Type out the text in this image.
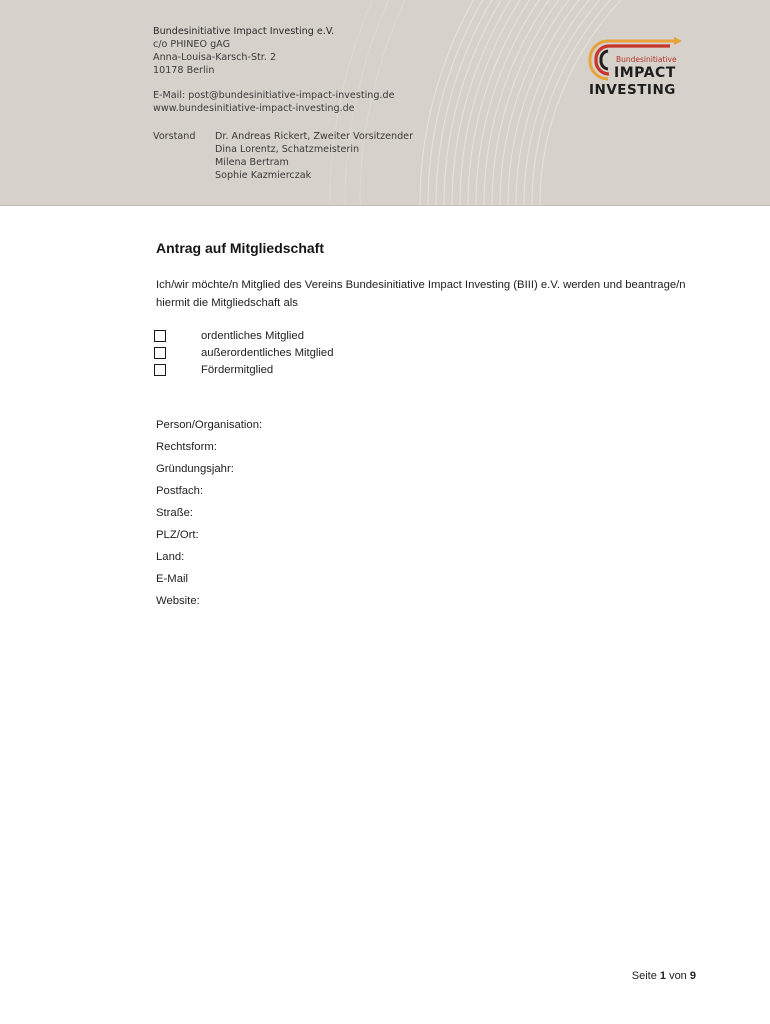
Bundesinitiative Impact Investing e.V.
c/o PHINEO gAG
Anna-Louisa-Karsch-Str. 2
10178 Berlin
E-Mail: post@bundesinitiative-impact-investing.de
www.bundesinitiative-impact-investing.de
Vorstand Dr. Andreas Rickert, Zweiter Vorsitzender
Dina Lorentz, Schatzmeisterin
Milena Bertram
Sophie Kazmierczak
Bundesinitiative
IMPACT
INVESTING
Antrag auf Mitgliedschaft

Ich/wir möchte/n Mitglied des Vereins Bundesinitiative Impact Investing (BIII) e.V. werden und beantrage/n hiermit die Mitgliedschaft als

ordentliches Mitglied
außerordentliches Mitglied
Fördermitglied
Person/Organisation:
Rechtsform:
Gründungsjahr:
Postfach:
Straße:
PLZ/Ort:
Land:
E-Mail
Website:
Seite 1 von 9
